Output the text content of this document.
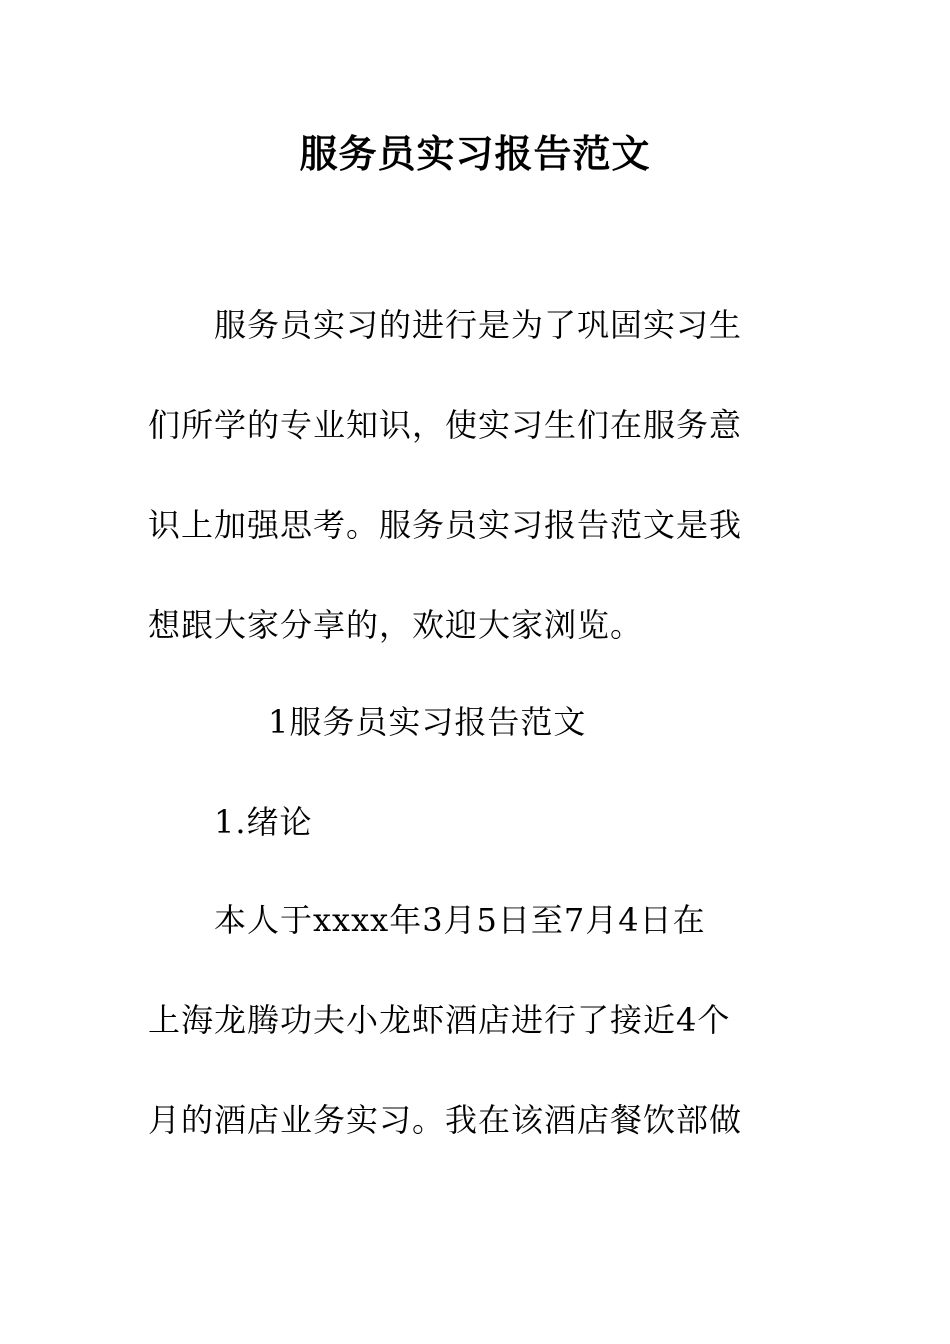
服务员实习报告范文
服务员实习的进行是为了巩固实习生
们所学的专业知识，使实习生们在服务意
识上加强思考。服务员实习报告范文是我
想跟大家分享的，欢迎大家浏览。
1服务员实习报告范文
1.绪论
本人于xxxx年3月5日至7月4日在
上海龙腾功夫小龙虾酒店进行了接近4个
月的酒店业务实习。我在该酒店餐饮部做
